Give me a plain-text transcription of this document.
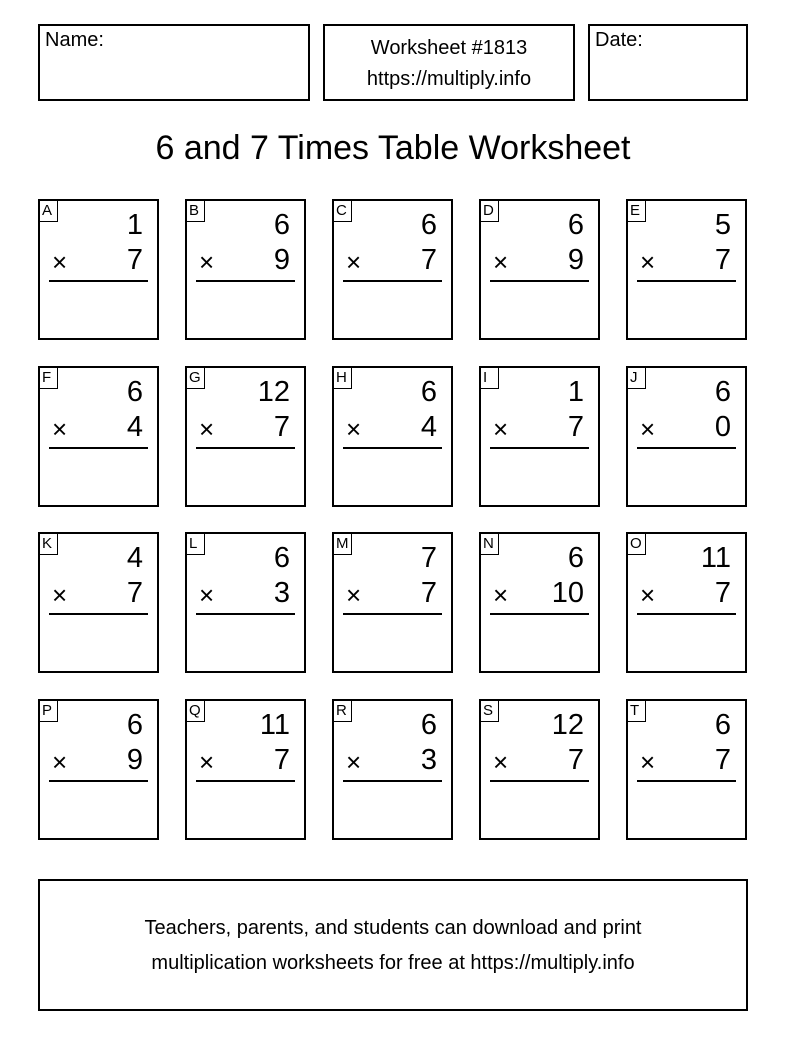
Name:	Worksheet #1813
https://multiply.info
Date:
6 and 7 Times Table Worksheet
A	1
× 7
B	6
× 9
C	6
× 7
D	6
× 9
E	5
× 7
F	6
× 4
G 12
× 7
H	6
× 4
I	1
× 7
J	6
× 0
K	4
× 7
L	6
× 3
M 7
× 7
N	6
× 10
O 11
× 7
P	6
× 9
Q 11
× 7
R	6
× 3
S 12
× 7
T	6
× 7
Teachers, parents, and students can download and print
multiplication worksheets for free at https://multiply.info
